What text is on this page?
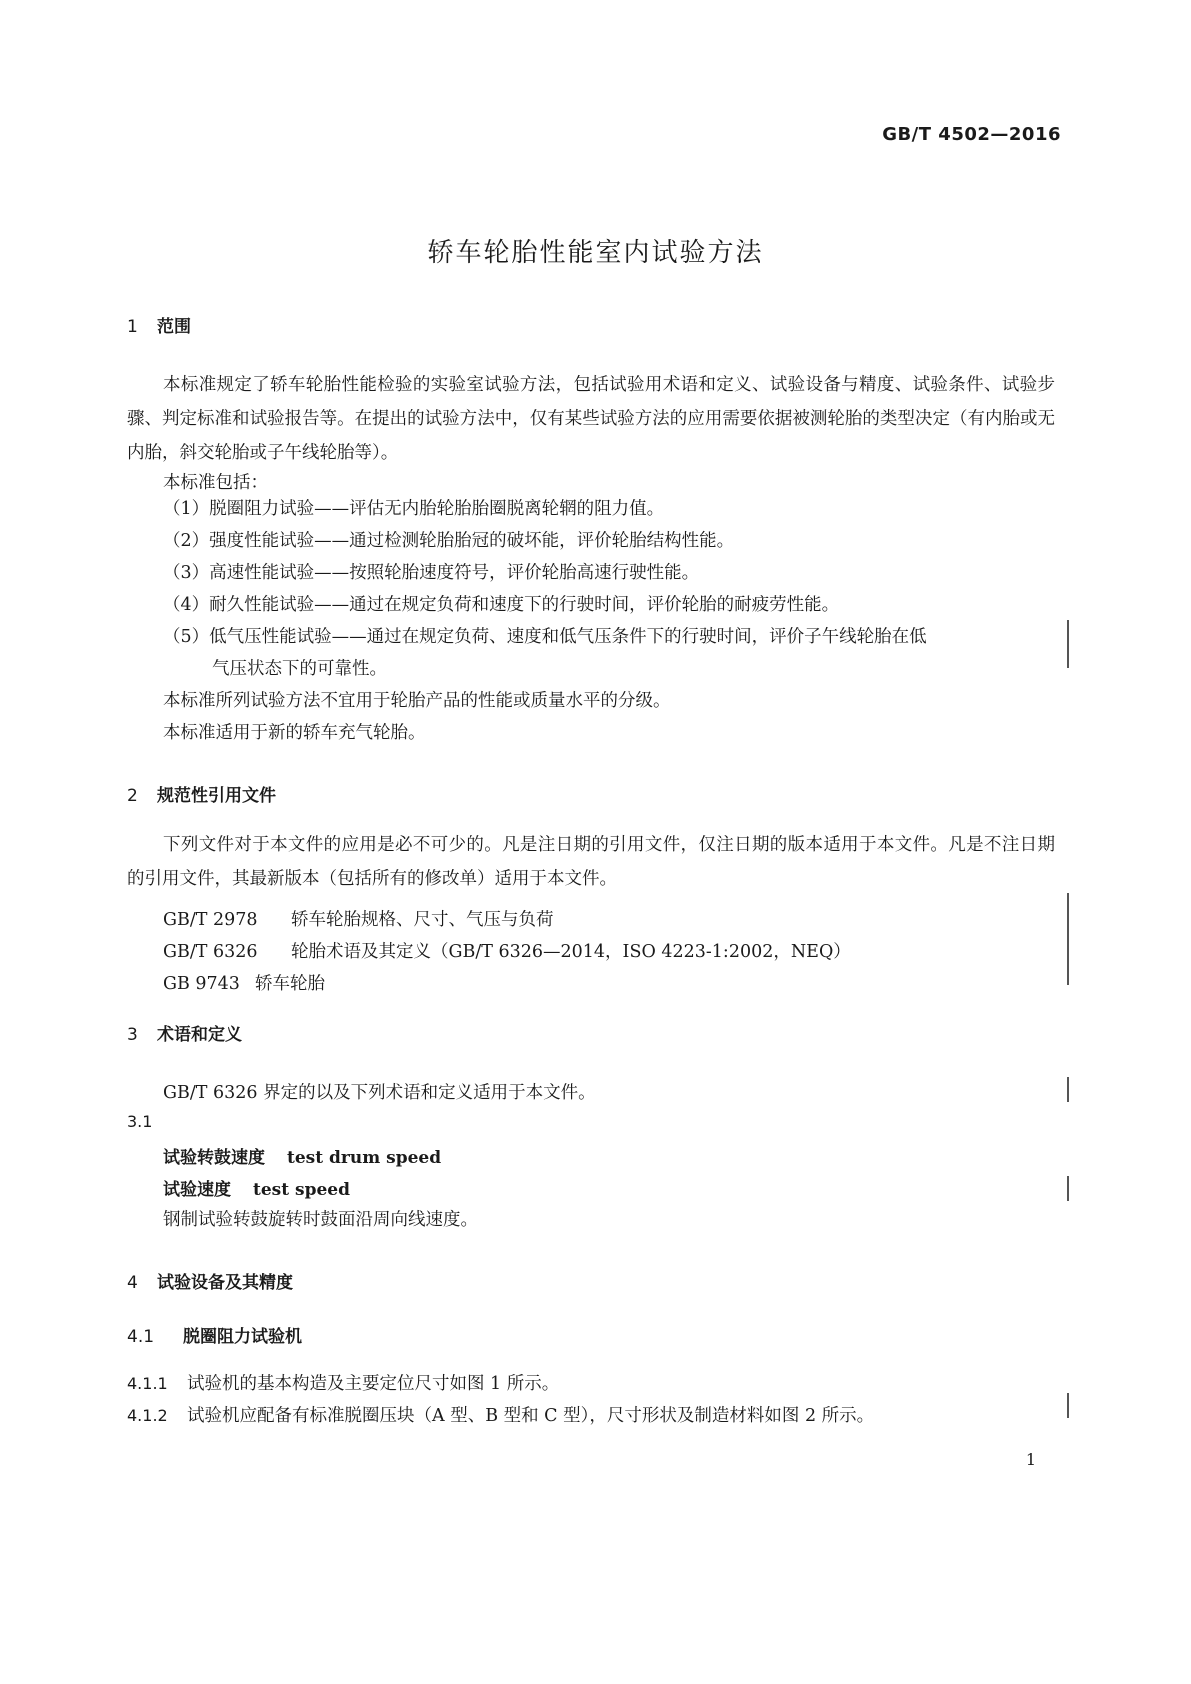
GB/T 4502—2016
轿车轮胎性能室内试验方法
1 范围
本标准规定了轿车轮胎性能检验的实验室试验方法，包括试验用术语和定义、试验设备与精度、试验条件、试验步骤、判定标准和试验报告等。在提出的试验方法中，仅有某些试验方法的应用需要依据被测轮胎的类型决定（有内胎或无内胎，斜交轮胎或子午线轮胎等）。
本标准包括：
（1）脱圈阻力试验——评估无内胎轮胎胎圈脱离轮辋的阻力值。
（2）强度性能试验——通过检测轮胎胎冠的破坏能，评价轮胎结构性能。
（3）高速性能试验——按照轮胎速度符号，评价轮胎高速行驶性能。
（4）耐久性能试验——通过在规定负荷和速度下的行驶时间，评价轮胎的耐疲劳性能。
（5）低气压性能试验——通过在规定负荷、速度和低气压条件下的行驶时间，评价子午线轮胎在低
气压状态下的可靠性。
本标准所列试验方法不宜用于轮胎产品的性能或质量水平的分级。
本标准适用于新的轿车充气轮胎。
2 规范性引用文件
下列文件对于本文件的应用是必不可少的。凡是注日期的引用文件，仅注日期的版本适用于本文件。凡是不注日期的引用文件，其最新版本（包括所有的修改单）适用于本文件。
GB/T 2978 轿车轮胎规格、尺寸、气压与负荷
GB/T 6326 轮胎术语及其定义（GB/T 6326—2014，ISO 4223-1:2002，NEQ）
GB 9743 轿车轮胎
3 术语和定义
GB/T 6326 界定的以及下列术语和定义适用于本文件。
3.1
试验转鼓速度 test drum speed
试验速度 test speed
钢制试验转鼓旋转时鼓面沿周向线速度。
4 试验设备及其精度
4.1 脱圈阻力试验机
4.1.1 试验机的基本构造及主要定位尺寸如图 1 所示。
4.1.2 试验机应配备有标准脱圈压块（A 型、B 型和 C 型），尺寸形状及制造材料如图 2 所示。
1
